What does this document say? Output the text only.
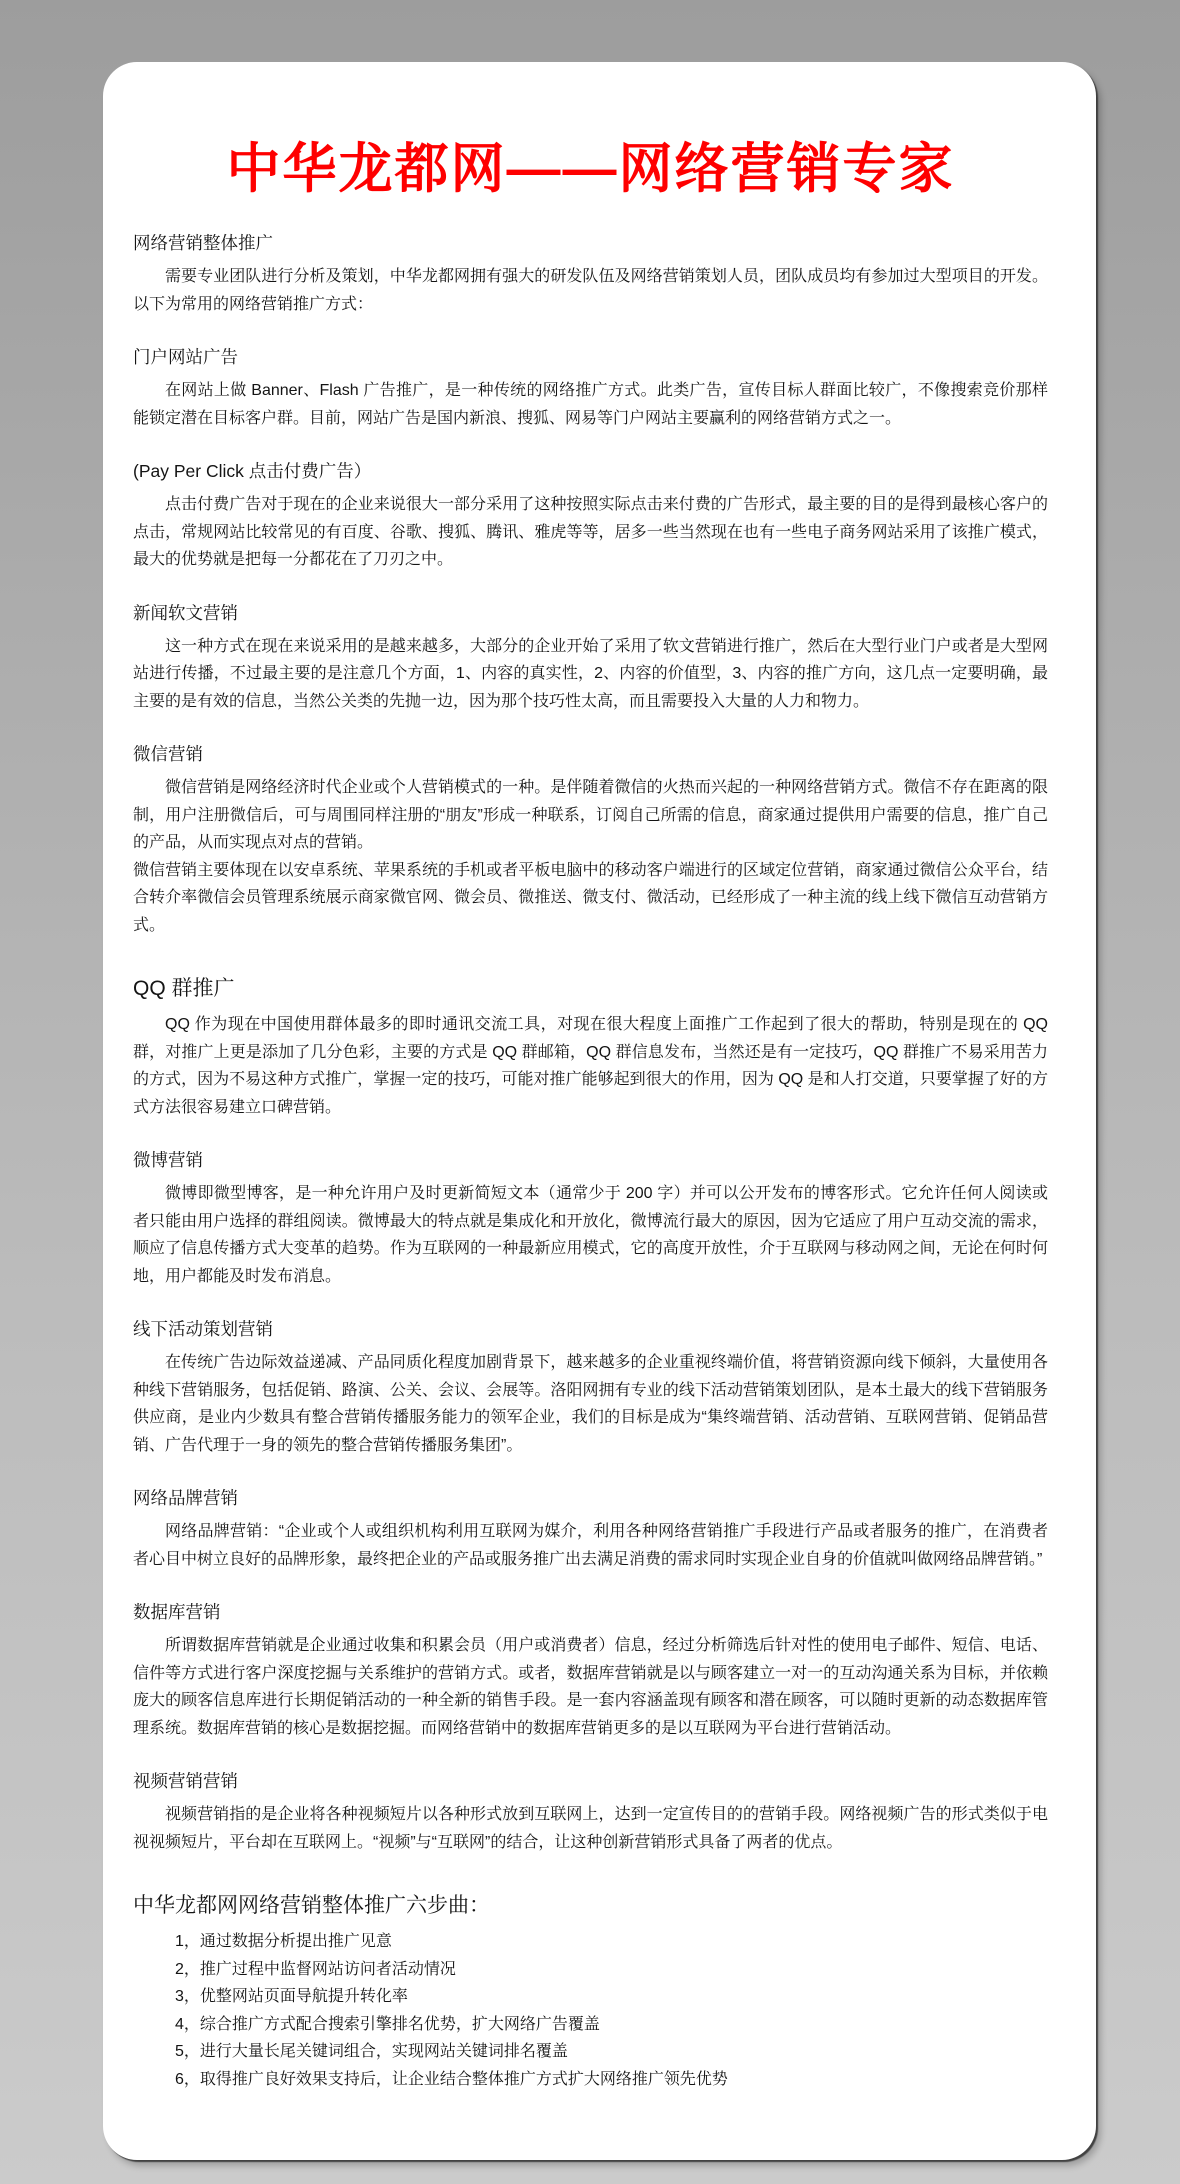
中华龙都网——网络营销专家
网络营销整体推广

需要专业团队进行分析及策划，中华龙都网拥有强大的研发队伍及网络营销策划人员，团队成员均有参加过大型项目的开发。以下为常用的网络营销推广方式：

门户网站广告

在网站上做 Banner、Flash 广告推广，是一种传统的网络推广方式。此类广告，宣传目标人群面比较广，不像搜索竞价那样能锁定潜在目标客户群。目前，网站广告是国内新浪、搜狐、网易等门户网站主要赢利的网络营销方式之一。

(Pay Per Click 点击付费广告）

点击付费广告对于现在的企业来说很大一部分采用了这种按照实际点击来付费的广告形式，最主要的目的是得到最核心客户的点击，常规网站比较常见的有百度、谷歌、搜狐、腾讯、雅虎等等，居多一些当然现在也有一些电子商务网站采用了该推广模式，最大的优势就是把每一分都花在了刀刃之中。

新闻软文营销

这一种方式在现在来说采用的是越来越多，大部分的企业开始了采用了软文营销进行推广，然后在大型行业门户或者是大型网站进行传播，不过最主要的是注意几个方面，1、内容的真实性，2、内容的价值型，3、内容的推广方向，这几点一定要明确，最主要的是有效的信息，当然公关类的先抛一边，因为那个技巧性太高，而且需要投入大量的人力和物力。

微信营销

微信营销是网络经济时代企业或个人营销模式的一种。是伴随着微信的火热而兴起的一种网络营销方式。微信不存在距离的限制，用户注册微信后，可与周围同样注册的“朋友”形成一种联系，订阅自己所需的信息，商家通过提供用户需要的信息，推广自己的产品，从而实现点对点的营销。

微信营销主要体现在以安卓系统、苹果系统的手机或者平板电脑中的移动客户端进行的区域定位营销，商家通过微信公众平台，结合转介率微信会员管理系统展示商家微官网、微会员、微推送、微支付、微活动，已经形成了一种主流的线上线下微信互动营销方式。

QQ 群推广

QQ 作为现在中国使用群体最多的即时通讯交流工具，对现在很大程度上面推广工作起到了很大的帮助，特别是现在的 QQ 群，对推广上更是添加了几分色彩，主要的方式是 QQ 群邮箱，QQ 群信息发布，当然还是有一定技巧，QQ 群推广不易采用苦力的方式，因为不易这种方式推广，掌握一定的技巧，可能对推广能够起到很大的作用，因为 QQ 是和人打交道，只要掌握了好的方式方法很容易建立口碑营销。

微博营销

微博即微型博客，是一种允许用户及时更新简短文本（通常少于 200 字）并可以公开发布的博客形式。它允许任何人阅读或者只能由用户选择的群组阅读。微博最大的特点就是集成化和开放化，微博流行最大的原因，因为它适应了用户互动交流的需求，顺应了信息传播方式大变革的趋势。作为互联网的一种最新应用模式，它的高度开放性，介于互联网与移动网之间，无论在何时何地，用户都能及时发布消息。

线下活动策划营销

在传统广告边际效益递减、产品同质化程度加剧背景下，越来越多的企业重视终端价值，将营销资源向线下倾斜，大量使用各种线下营销服务，包括促销、路演、公关、会议、会展等。洛阳网拥有专业的线下活动营销策划团队，是本土最大的线下营销服务供应商，是业内少数具有整合营销传播服务能力的领军企业，我们的目标是成为“集终端营销、活动营销、互联网营销、促销品营销、广告代理于一身的领先的整合营销传播服务集团”。

网络品牌营销

网络品牌营销：“企业或个人或组织机构利用互联网为媒介，利用各种网络营销推广手段进行产品或者服务的推广，在消费者者心目中树立良好的品牌形象，最终把企业的产品或服务推广出去满足消费的需求同时实现企业自身的价值就叫做网络品牌营销。”

数据库营销

所谓数据库营销就是企业通过收集和积累会员（用户或消费者）信息，经过分析筛选后针对性的使用电子邮件、短信、电话、信件等方式进行客户深度挖掘与关系维护的营销方式。或者，数据库营销就是以与顾客建立一对一的互动沟通关系为目标，并依赖庞大的顾客信息库进行长期促销活动的一种全新的销售手段。是一套内容涵盖现有顾客和潜在顾客，可以随时更新的动态数据库管理系统。数据库营销的核心是数据挖掘。而网络营销中的数据库营销更多的是以互联网为平台进行营销活动。

视频营销营销

视频营销指的是企业将各种视频短片以各种形式放到互联网上，达到一定宣传目的的营销手段。网络视频广告的形式类似于电视视频短片，平台却在互联网上。“视频”与“互联网”的结合，让这种创新营销形式具备了两者的优点。

中华龙都网网络营销整体推广六步曲：

1，通过数据分析提出推广见意

2，推广过程中监督网站访问者活动情况

3，优整网站页面导航提升转化率

4，综合推广方式配合搜索引擎排名优势，扩大网络广告覆盖

5，进行大量长尾关键词组合，实现网站关键词排名覆盖

6，取得推广良好效果支持后，让企业结合整体推广方式扩大网络推广领先优势
